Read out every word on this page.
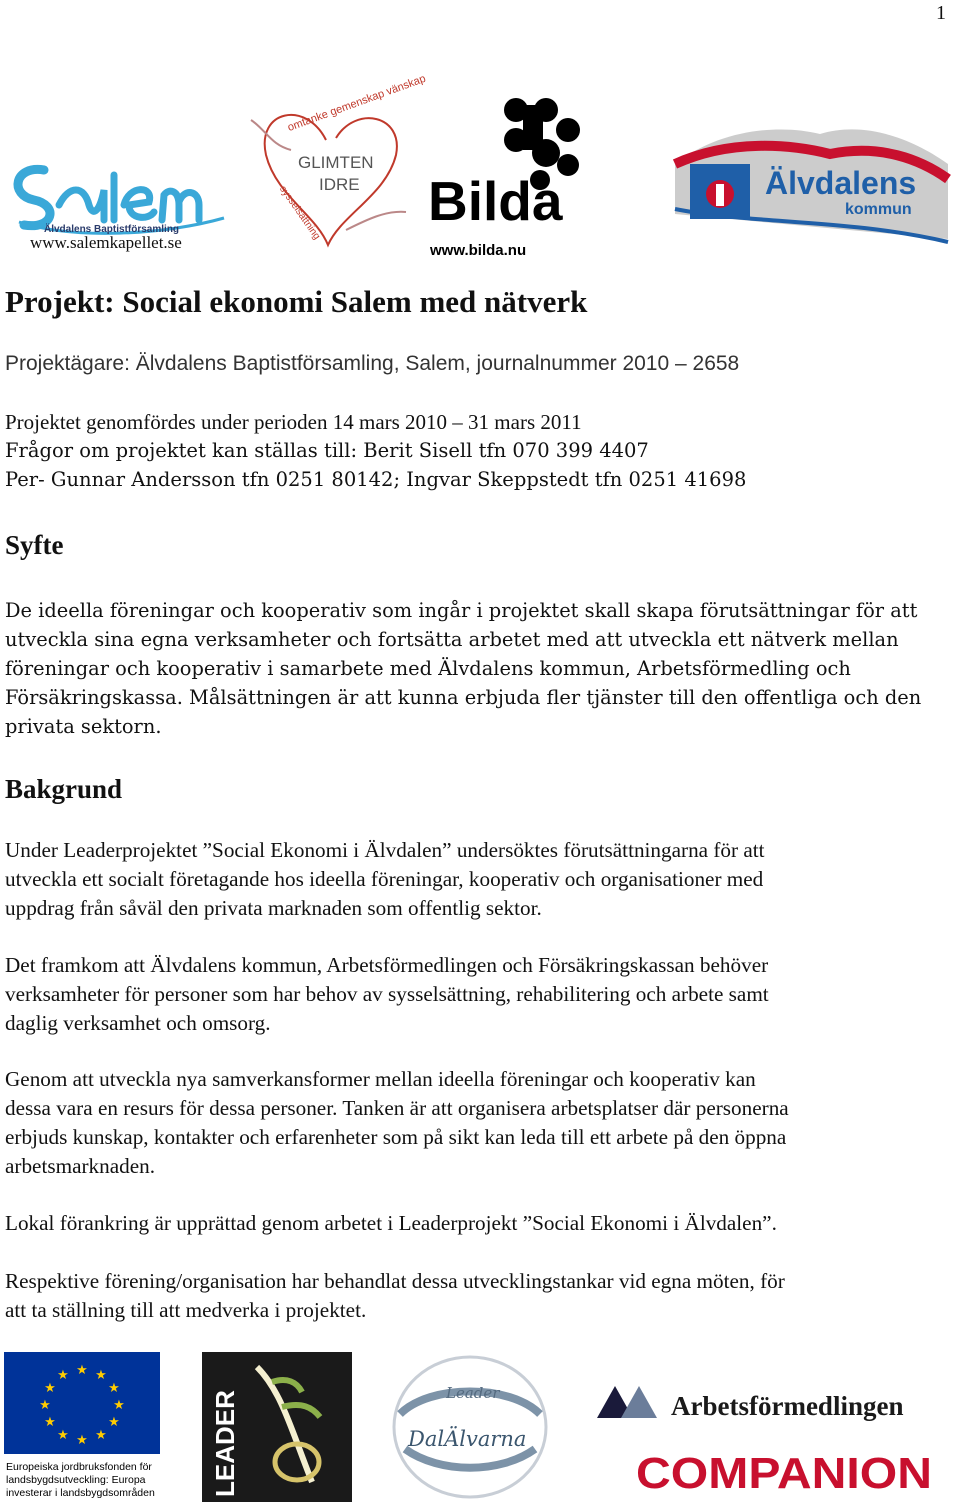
1
Älvdalens Baptistförsamling
www.salemkapellet.se
omtanke gemenskap vänskap
sysselsättning
GLIMTEN
IDRE Bilda
www.bilda.nu
Älvdalens
kommun
Projekt: Social ekonomi Salem med nätverk
Projektägare: Älvdalens Baptistförsamling, Salem, journalnummer 2010 – 2658
Projektet genomfördes under perioden 14 mars 2010 – 31 mars 2011
Frågor om projektet kan ställas till: Berit Sisell tfn 070 399 4407
Per- Gunnar Andersson tfn 0251 80142; Ingvar Skeppstedt tfn 0251 41698
Syfte
De ideella föreningar och kooperativ som ingår i projektet skall skapa förutsättningar för att
utveckla sina egna verksamheter och fortsätta arbetet med att utveckla ett nätverk mellan
föreningar och kooperativ i samarbete med Älvdalens kommun, Arbetsförmedling och
Försäkringskassa. Målsättningen är att kunna erbjuda fler tjänster till den offentliga och den
privata sektorn.
Bakgrund
Under Leaderprojektet ”Social Ekonomi i Älvdalen” undersöktes förutsättningarna för att
utveckla ett socialt företagande hos ideella föreningar, kooperativ och organisationer med
uppdrag från såväl den privata marknaden som offentlig sektor.
Det framkom att Älvdalens kommun, Arbetsförmedlingen och Försäkringskassan behöver
verksamheter för personer som har behov av sysselsättning, rehabilitering och arbete samt
daglig verksamhet och omsorg.
Genom att utveckla nya samverkansformer mellan ideella föreningar och kooperativ kan
dessa vara en resurs för dessa personer. Tanken är att organisera arbetsplatser där personerna
erbjuds kunskap, kontakter och erfarenheter som på sikt kan leda till ett arbete på den öppna
arbetsmarknaden.
Lokal förankring är upprättad genom arbetet i Leaderprojekt ”Social Ekonomi i Älvdalen”.
Respektive förening/organisation har behandlat dessa utvecklingstankar vid egna möten, för
att ta ställning till att medverka i projektet.
★ ★
★
★
★
★
★
★
★
★
★
★
Europeiska jordbruksfonden för
landsbygdsutveckling: Europa
investerar i landsbygdsområden LEADER	Leader
DalÄlvarna
Arbetsförmedlingen
COMPANION
